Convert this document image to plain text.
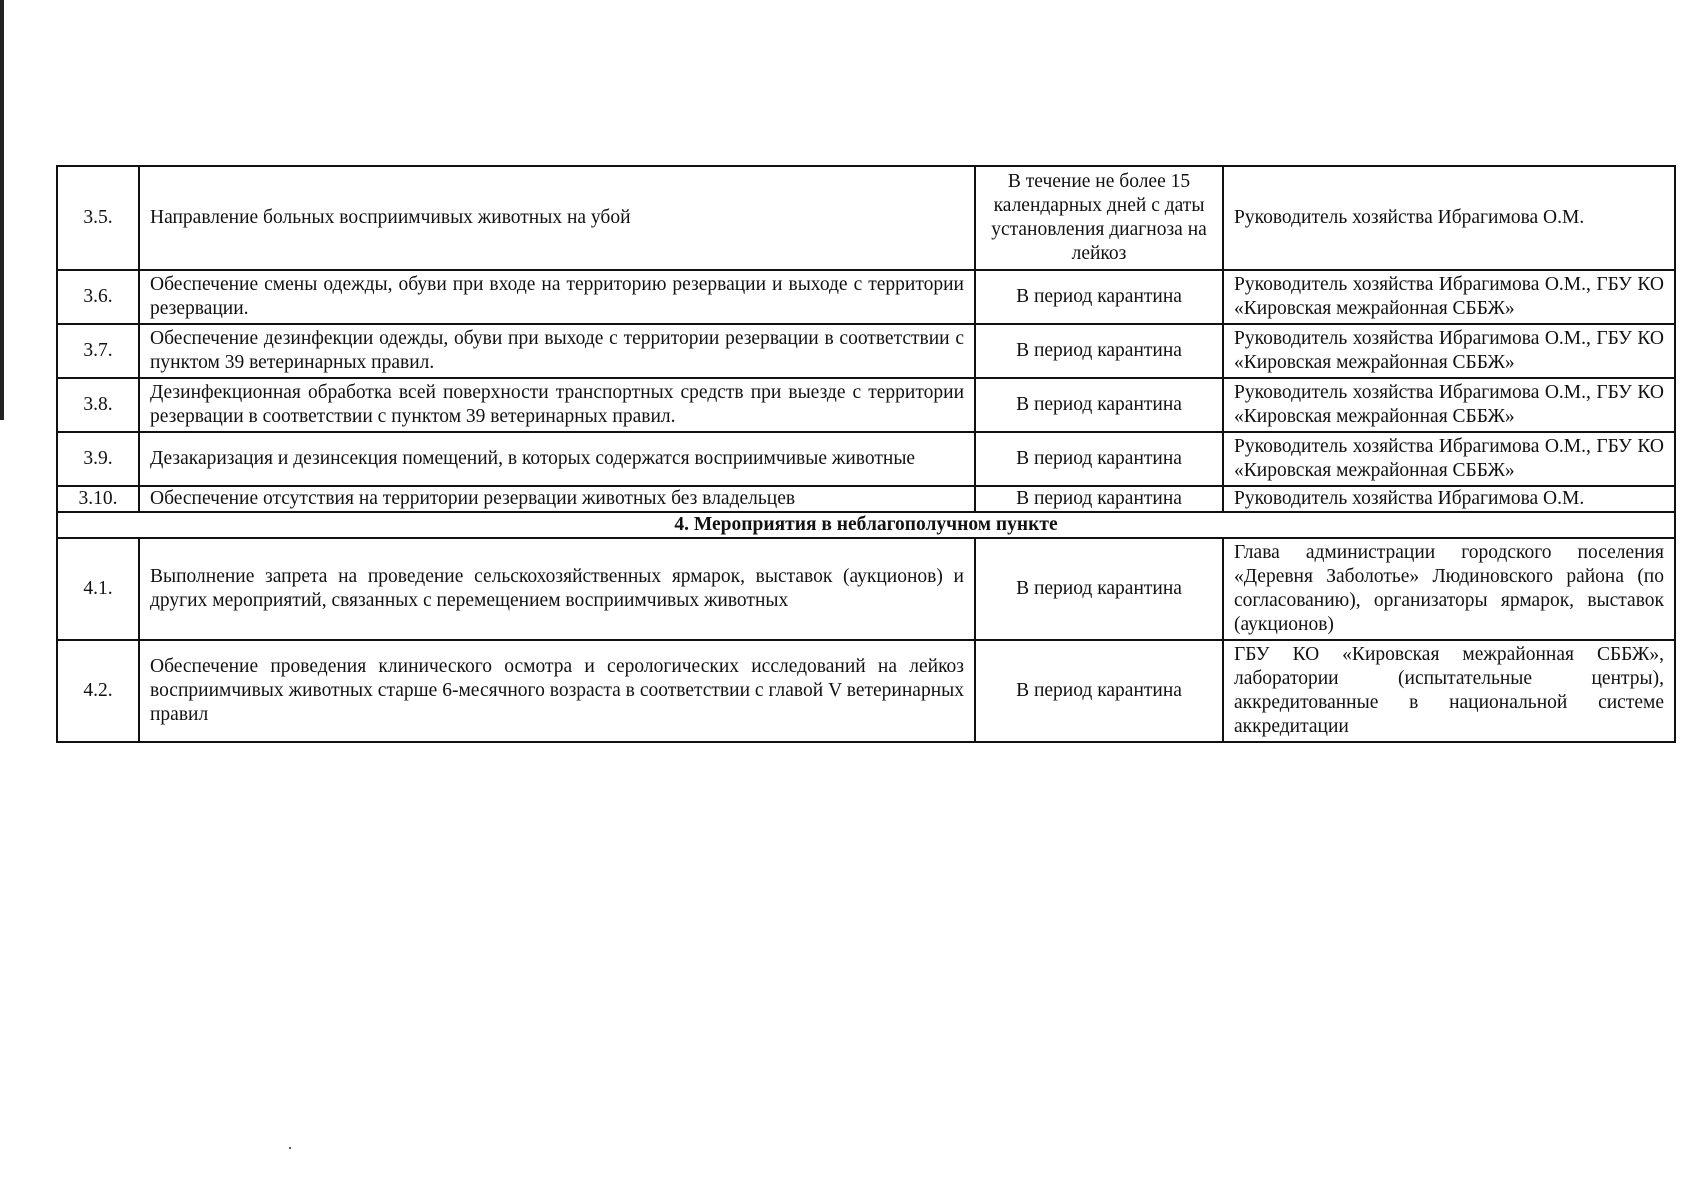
3.5.	Направление больных восприимчивых животных на убой	В течение не более 15 календарных дней с даты установления диагноза на лейкоз	Руководитель хозяйства Ибрагимова О.М.
3.6.	Обеспечение смены одежды, обуви при входе на территорию резервации и выходе с территории резервации.	В период карантина	Руководитель хозяйства Ибрагимова О.М., ГБУ КО «Кировская межрайонная СББЖ»
3.7.	Обеспечение дезинфекции одежды, обуви при выходе с территории резервации в соответствии с пунктом 39 ветеринарных правил.	В период карантина	Руководитель хозяйства Ибрагимова О.М., ГБУ КО «Кировская межрайонная СББЖ»
3.8.	Дезинфекционная обработка всей поверхности транспортных средств при выезде с территории резервации в соответствии с пунктом 39 ветеринарных правил.	В период карантина	Руководитель хозяйства Ибрагимова О.М., ГБУ КО «Кировская межрайонная СББЖ»
3.9.	Дезакаризация и дезинсекция помещений, в которых содержатся восприимчивые животные	В период карантина	Руководитель хозяйства Ибрагимова О.М., ГБУ КО «Кировская межрайонная СББЖ»
3.10.	Обеспечение отсутствия на территории резервации животных без владельцев	В период карантина	Руководитель хозяйства Ибрагимова О.М.
4. Мероприятия в неблагополучном пункте			
4.1.	Выполнение запрета на проведение сельскохозяйственных ярмарок, выставок (аукционов) и других мероприятий, связанных с перемещением восприимчивых животных	В период карантина	Глава администрации городского поселения «Деревня Заболотье» Людиновского района (по согласованию), организаторы ярмарок, выставок (аукционов)
4.2.	Обеспечение проведения клинического осмотра и серологических исследований на лейкоз восприимчивых животных старше 6-месячного возраста в соответствии с главой V ветеринарных правил	В период карантина	ГБУ КО «Кировская межрайонная СББЖ», лаборатории (испытательные центры), аккредитованные в национальной системе аккредитации
